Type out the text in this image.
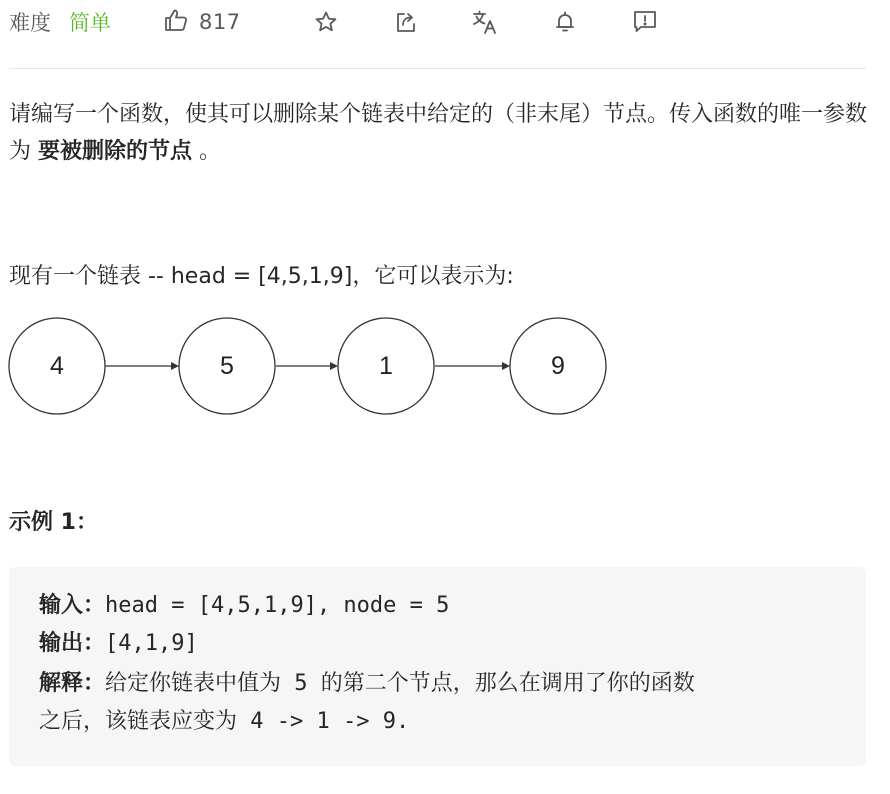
难度 简单	817

请编写一个函数，使其可以删除某个链表中给定的（非末尾）节点。传入函数的唯一参数为 要被删除的节点 。

现有一个链表 -- head = [4,5,1,9]，它可以表示为:

4	5	1	9

示例 1：

输入：head = [4,5,1,9], node = 5
输出：[4,1,9]
解释：给定你链表中值为 5 的第二个节点，那么在调用了你的函数
之后，该链表应变为 4 -> 1 -> 9.
